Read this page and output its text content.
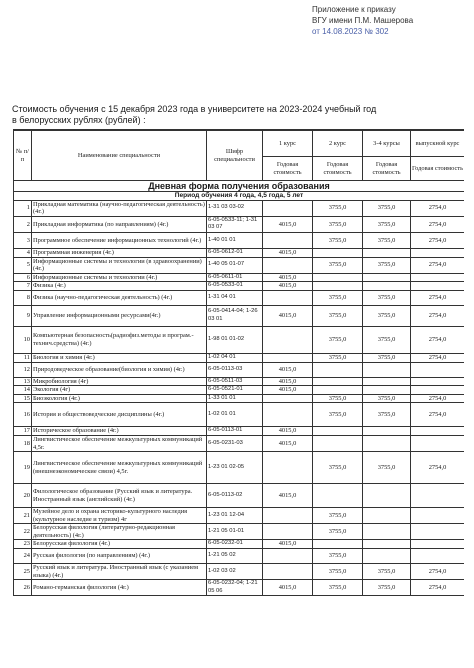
Приложение к приказу
ВГУ имени П.М. Машерова
от 14.08.2023 № 302
Стоимость обучения с 15 декабря 2023 года в университете на 2023-2024 учебный год
в белорусских рублях (рублей) :
№ п/п	Наименование специальности	Шифр специальности	1 курс	2 курс	3-4 курсы	выпускной курс
			Годовая стоимость	Годовая стоимость	Годовая стоимость	Годовая стоимость
Дневная форма получения образования						
Период обучения 4 года, 4,5 года, 5 лет						
1	Прикладная математика (научно-педагогическая деятельность) (4г.)	1-31 03 03-02		3755,0	3755,0	2754,0
2	Прикладная информатика (по направлениям) (4г.)	6-05-0533-11; 1-31 03 07	4015,0	3755,0	3755,0	2754,0
3	Программное обеспечение информационных технологий (4г.)	1-40 01 01		3755,0	3755,0	2754,0
4	Программная инженерия (4г.)	6-05-0612-01	4015,0			
5	Информационные системы и технологии (в здравоохранении) (4г.)	1-40 05 01-07		3755,0	3755,0	2754,0
6	Информационные системы и технологии (4г.)	6-05-0611-01	4015,0			
7	Физика (4г.)	6-05-0533-01	4015,0			
8	Физика (научно-педагогическая деятельность) (4г.)	1-31 04 01		3755,0	3755,0	2754,0
9	Управление информационными ресурсами(4г.)	6-05-0414-04; 1-26 03 01	4015,0	3755,0	3755,0	2754,0
10	Компьютерная безопасность(радиофиз.методы и програм.-технич.средства) (4г.)	1-98 01 01-02		3755,0	3755,0	2754,0
11	Биология и химия (4г.)	1-02 04 01		3755,0	3755,0	2754,0
12	Природоведческое образование(биология и химия) (4г.)	6-05-0113-03	4015,0			
13	Микробиология (4г)	6-05-0511-03	4015,0			
14	Экология (4г)	6-05-0521-01	4015,0			
15	Биоэкология (4г.)	1-33 01 01		3755,0	3755,0	2754,0
16	История и обществоведческие дисциплины (4г.)	1-02 01 01		3755,0	3755,0	2754,0
17	Историческое образование (4г.)	6-05-0113-01	4015,0			
18	Лингвистическое обеспечение межкультурных коммуникаций 4,5г.	6-05-0231-03	4015,0			
19	Лингвистическое обеспечение межкультурных коммуникаций (внешнеэкономические связи) 4,5г.	1-23 01 02-05		3755,0	3755,0	2754,0
20	Филологическое образование (Русский язык и литература. Иностранный язык (английский) (4г.)	6-05-0113-02	4015,0			
21	Музейное дело и охрана историко-культурного наследия (культурное наследие и туризм) 4г	1-23 01 12-04		3755,0		
22	Белорусская филология (литературно-редакционная деятельность) (4г.)	1-21 05 01-01		3755,0		
23	Белорусская филология (4г.)	6-05-0232-01	4015,0			
24	Русская филология (по направлениям) (4г.)	1-21 05 02		3755,0		
25	Русский язык и литература. Иностранный язык (с указанием языка) (4г.)	1-02 03 02		3755,0	3755,0	2754,0
26	Романо-германская филология (4г.)	6-05-0232-04; 1-21 05 06	4015,0	3755,0	3755,0	2754,0
